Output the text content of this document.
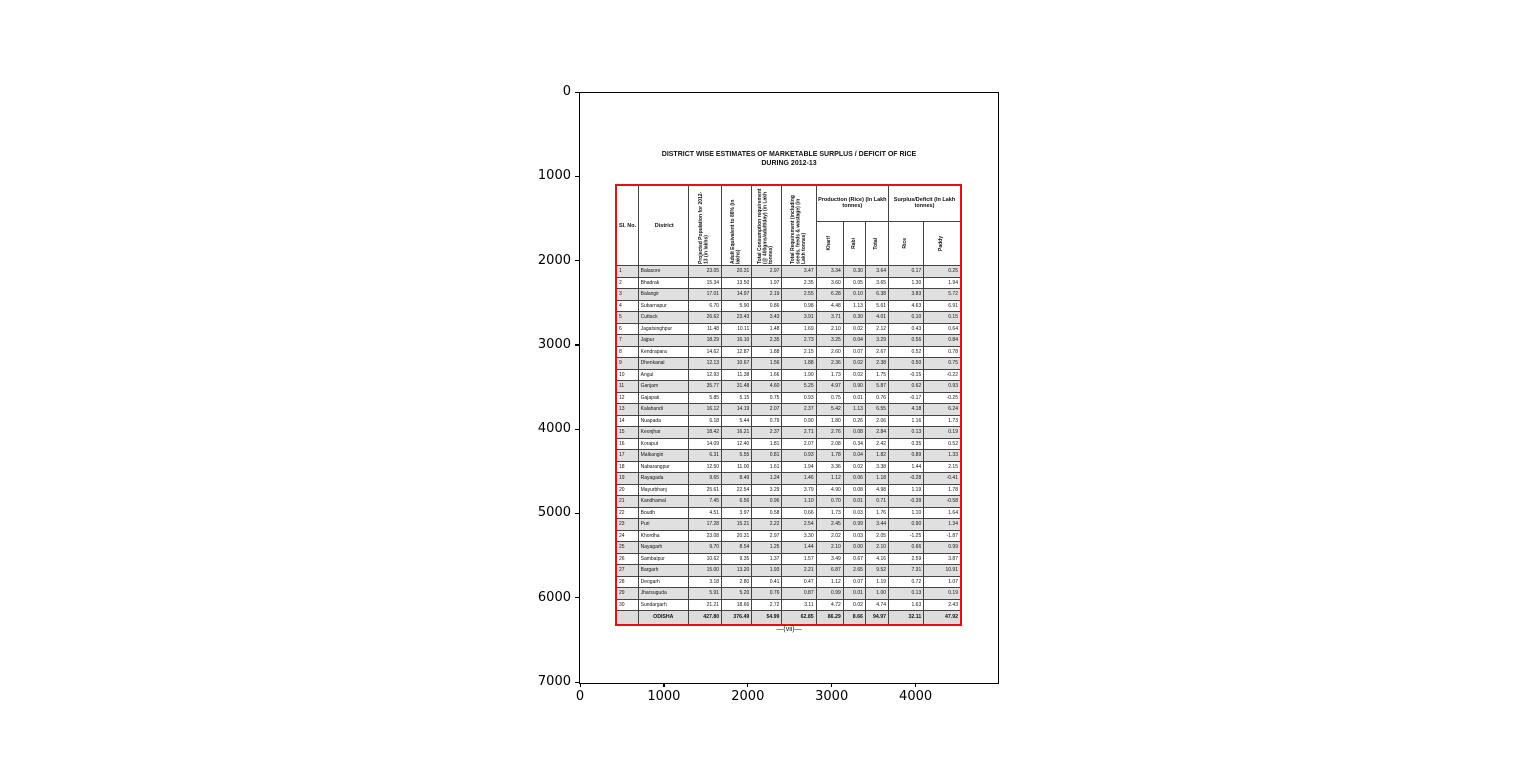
0
1000
2000
3000
4000
5000
6000
7000
0	1000	2000	3000	4000
DISTRICT WISE ESTIMATES OF MARKETABLE SURPLUS / DEFICIT OF RICE
DURING 2012-13
Sl. No.	District	Projected Population for 2012-13 (in lakhs)	Adult Equivalent to 88% (in lakhs)	Total Consumption requirement (@ 400gms/adult/day) (in Lakh tonnes)	Total Requirement (including seeds, feeds & wastage) (in Lakh tonnes)	Production (Rice) (In Lakh tonnes)			Surplus/Deficit (In Lakh tonnes)	

						Kharif	Rabi	Total	Rice	Paddy

1	Balasore	23.05	20.31	2.97	3.47	3.34	0.30	3.64	0.17	0.25
2	Bhadrak	15.34	13.50	1.97	2.35	3.60	0.05	3.65	1.30	1.94
3	Balangir	17.01	14.97	2.19	2.55	6.28	0.10	6.38	3.83	5.72
4	Subarnapur	6.70	5.90	0.86	0.98	4.48	1.13	5.61	4.63	6.91
5	Cuttack	26.62	23.43	3.43	3.91	3.71	0.30	4.01	0.10	0.15
6	Jagatsinghpur	11.48	10.11	1.48	1.69	2.10	0.02	2.12	0.43	0.64
7	Jajpur	18.29	16.10	2.35	2.73	3.25	0.04	3.29	0.56	0.84
8	Kendrapara	14.62	12.87	1.88	2.15	2.60	0.07	2.67	0.52	0.78
9	Dhenkanal	12.13	10.67	1.56	1.88	2.36	0.02	2.38	0.50	0.75
10	Angul	12.93	11.38	1.66	1.90	1.73	0.02	1.75	-0.15	-0.22
11	Ganjam	35.77	31.48	4.60	5.25	4.97	0.90	5.87	0.62	0.93
12	Gajapati	5.85	5.15	0.75	0.93	0.75	0.01	0.76	-0.17	-0.25
13	Kalahandi	16.12	14.19	2.07	2.37	5.42	1.13	6.55	4.18	6.24
14	Nuapada	6.18	5.44	0.79	0.90	1.80	0.26	2.06	1.16	1.73
15	Keonjhar	18.42	16.21	2.37	2.71	2.76	0.08	2.84	0.13	0.19
16	Koraput	14.09	12.40	1.81	2.07	2.08	0.34	2.42	0.35	0.52
17	Malkangiri	6.31	5.55	0.81	0.93	1.78	0.04	1.82	0.89	1.33
18	Nabarangpur	12.50	11.00	1.61	1.94	3.36	0.02	3.38	1.44	2.15
19	Rayagada	9.65	8.49	1.24	1.46	1.12	0.06	1.18	-0.28	-0.41
20	Mayurbhanj	25.61	22.54	3.29	3.79	4.90	0.08	4.98	1.19	1.78
21	Kandhamal	7.45	6.56	0.96	1.10	0.70	0.01	0.71	-0.39	-0.58
22	Boudh	4.51	3.97	0.58	0.66	1.73	0.03	1.76	1.10	1.64
23	Puri	17.28	15.21	2.22	2.54	2.45	0.99	3.44	0.90	1.34
24	Khordha	23.08	20.31	2.97	3.30	2.02	0.03	2.05	-1.25	-1.87
25	Nayagarh	9.70	8.54	1.25	1.44	2.10	0.00	2.10	0.66	0.99
26	Sambalpur	10.62	9.35	1.37	1.57	3.49	0.67	4.16	2.59	3.87
27	Bargarh	15.00	13.20	1.93	2.21	6.87	2.65	9.52	7.31	10.91
28	Deogarh	3.18	2.80	0.41	0.47	1.12	0.07	1.19	0.72	1.07
29	Jharsuguda	5.91	5.20	0.76	0.87	0.99	0.01	1.00	0.13	0.19
30	Sundargarh	21.21	18.66	2.72	3.11	4.72	0.02	4.74	1.63	2.43
	ODISHA	427.80	376.49	54.99	62.85	86.29	8.66	94.97	32.11	47.92
—(vii)—
